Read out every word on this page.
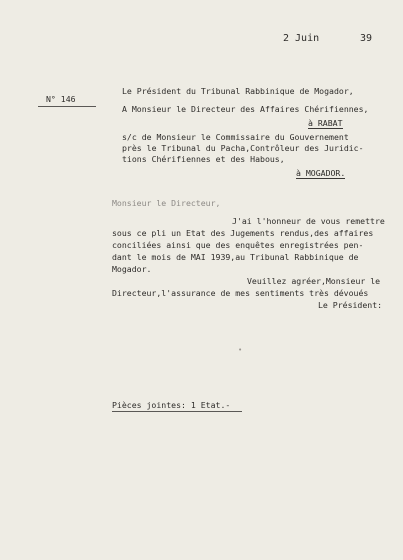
2 Juin	39
N° 146
Le Président du Tribunal Rabbinique de Mogador,
A Monsieur le Directeur des Affaires Chérifiennes,
à RABAT
s/c de Monsieur le Commissaire du Gouvernement
près le Tribunal du Pacha,Contrôleur des Juridic-
tions Chérifiennes et des Habous,
à MOGADOR.
Monsieur le Directeur,
J'ai l'honneur de vous remettre
sous ce pli un Etat des Jugements rendus,des affaires
conciliées ainsi que des enquêtes enregistrées pen-
dant le mois de MAI 1939,au Tribunal Rabbinique de
Mogador.
Veuillez agréer,Monsieur le
Directeur,l'assurance de mes sentiments très dévoués
Le Président:
•
Pièces jointes: 1 Etat.-
